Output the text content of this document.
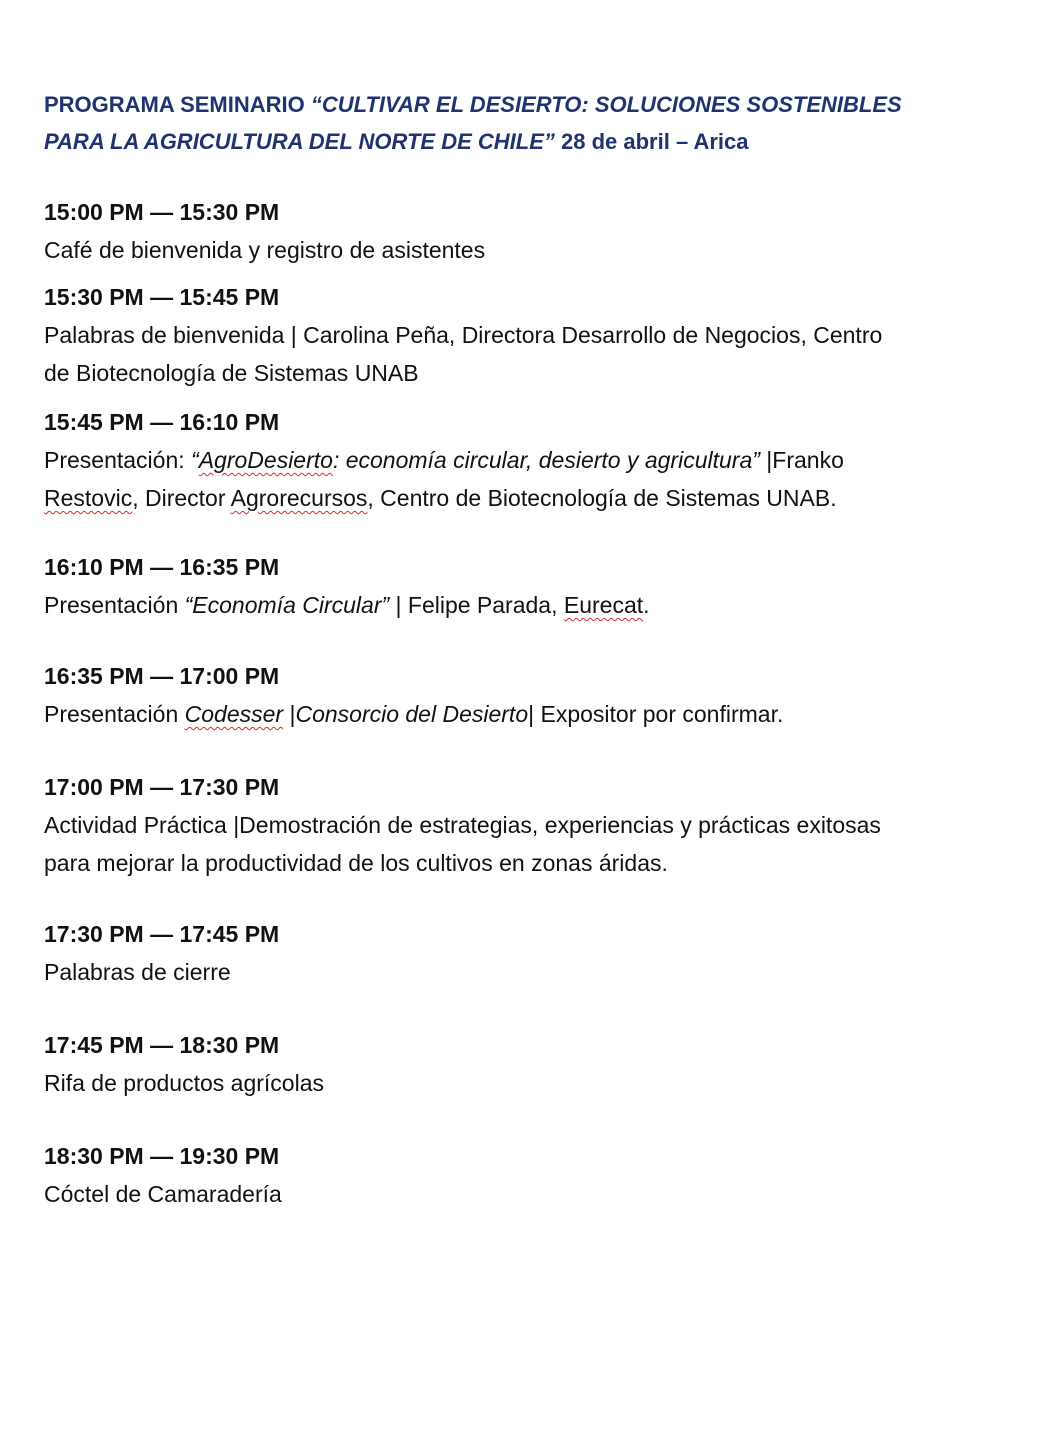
PROGRAMA SEMINARIO “CULTIVAR EL DESIERTO: SOLUCIONES SOSTENIBLES PARA LA AGRICULTURA DEL NORTE DE CHILE” 28 de abril – Arica
15:00 PM — 15:30 PM
Café de bienvenida y registro de asistentes
15:30 PM — 15:45 PM
Palabras de bienvenida | Carolina Peña, Directora Desarrollo de Negocios, Centro de Biotecnología de Sistemas UNAB
15:45 PM — 16:10 PM
Presentación: “AgroDesierto: economía circular, desierto y agricultura” |Franko Restovic, Director Agrorecursos, Centro de Biotecnología de Sistemas UNAB.
16:10 PM — 16:35 PM
Presentación “Economía Circular” | Felipe Parada, Eurecat.
16:35 PM — 17:00 PM
Presentación Codesser |Consorcio del Desierto| Expositor por confirmar.
17:00 PM — 17:30 PM
Actividad Práctica |Demostración de estrategias, experiencias y prácticas exitosas para mejorar la productividad de los cultivos en zonas áridas.
17:30 PM — 17:45 PM
Palabras de cierre
17:45 PM — 18:30 PM
Rifa de productos agrícolas
18:30 PM — 19:30 PM
Cóctel de Camaradería
